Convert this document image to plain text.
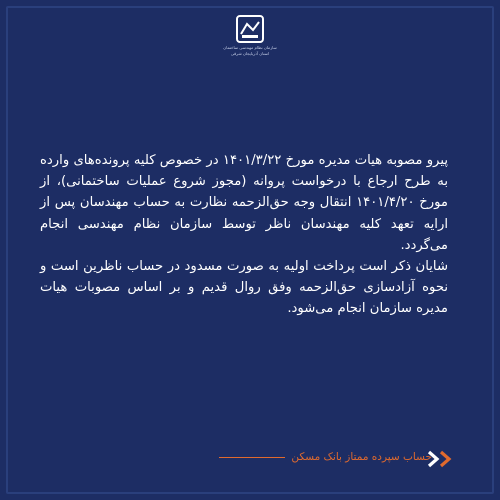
سازمان نظام مهندسی ساختمان
استان آذربایجان شرقی

پیرو مصوبه هیات مدیره مورخ ۱۴۰۱/۳/۲۲ در خصوص کلیه پرونده‌های وارده به طرح ارجاع با درخواست پروانه (مجوز شروع عملیات ساختمانی)، از مورخ ۱۴۰۱/۴/۲۰ انتقال وجه حق‌الزحمه نظارت به حساب مهندسان پس از ارایه تعهد کلیه مهندسان ناظر توسط سازمان نظام مهندسی انجام می‌گردد.

شایان ذکر است پرداخت اولیه به صورت مسدود در حساب ناظرین است و نحوه آزادسازی حق‌الزحمه وفق روال قدیم و بر اساس مصوبات هیات مدیره سازمان انجام می‌شود.

حساب سپرده ممتاز بانک مسکن
